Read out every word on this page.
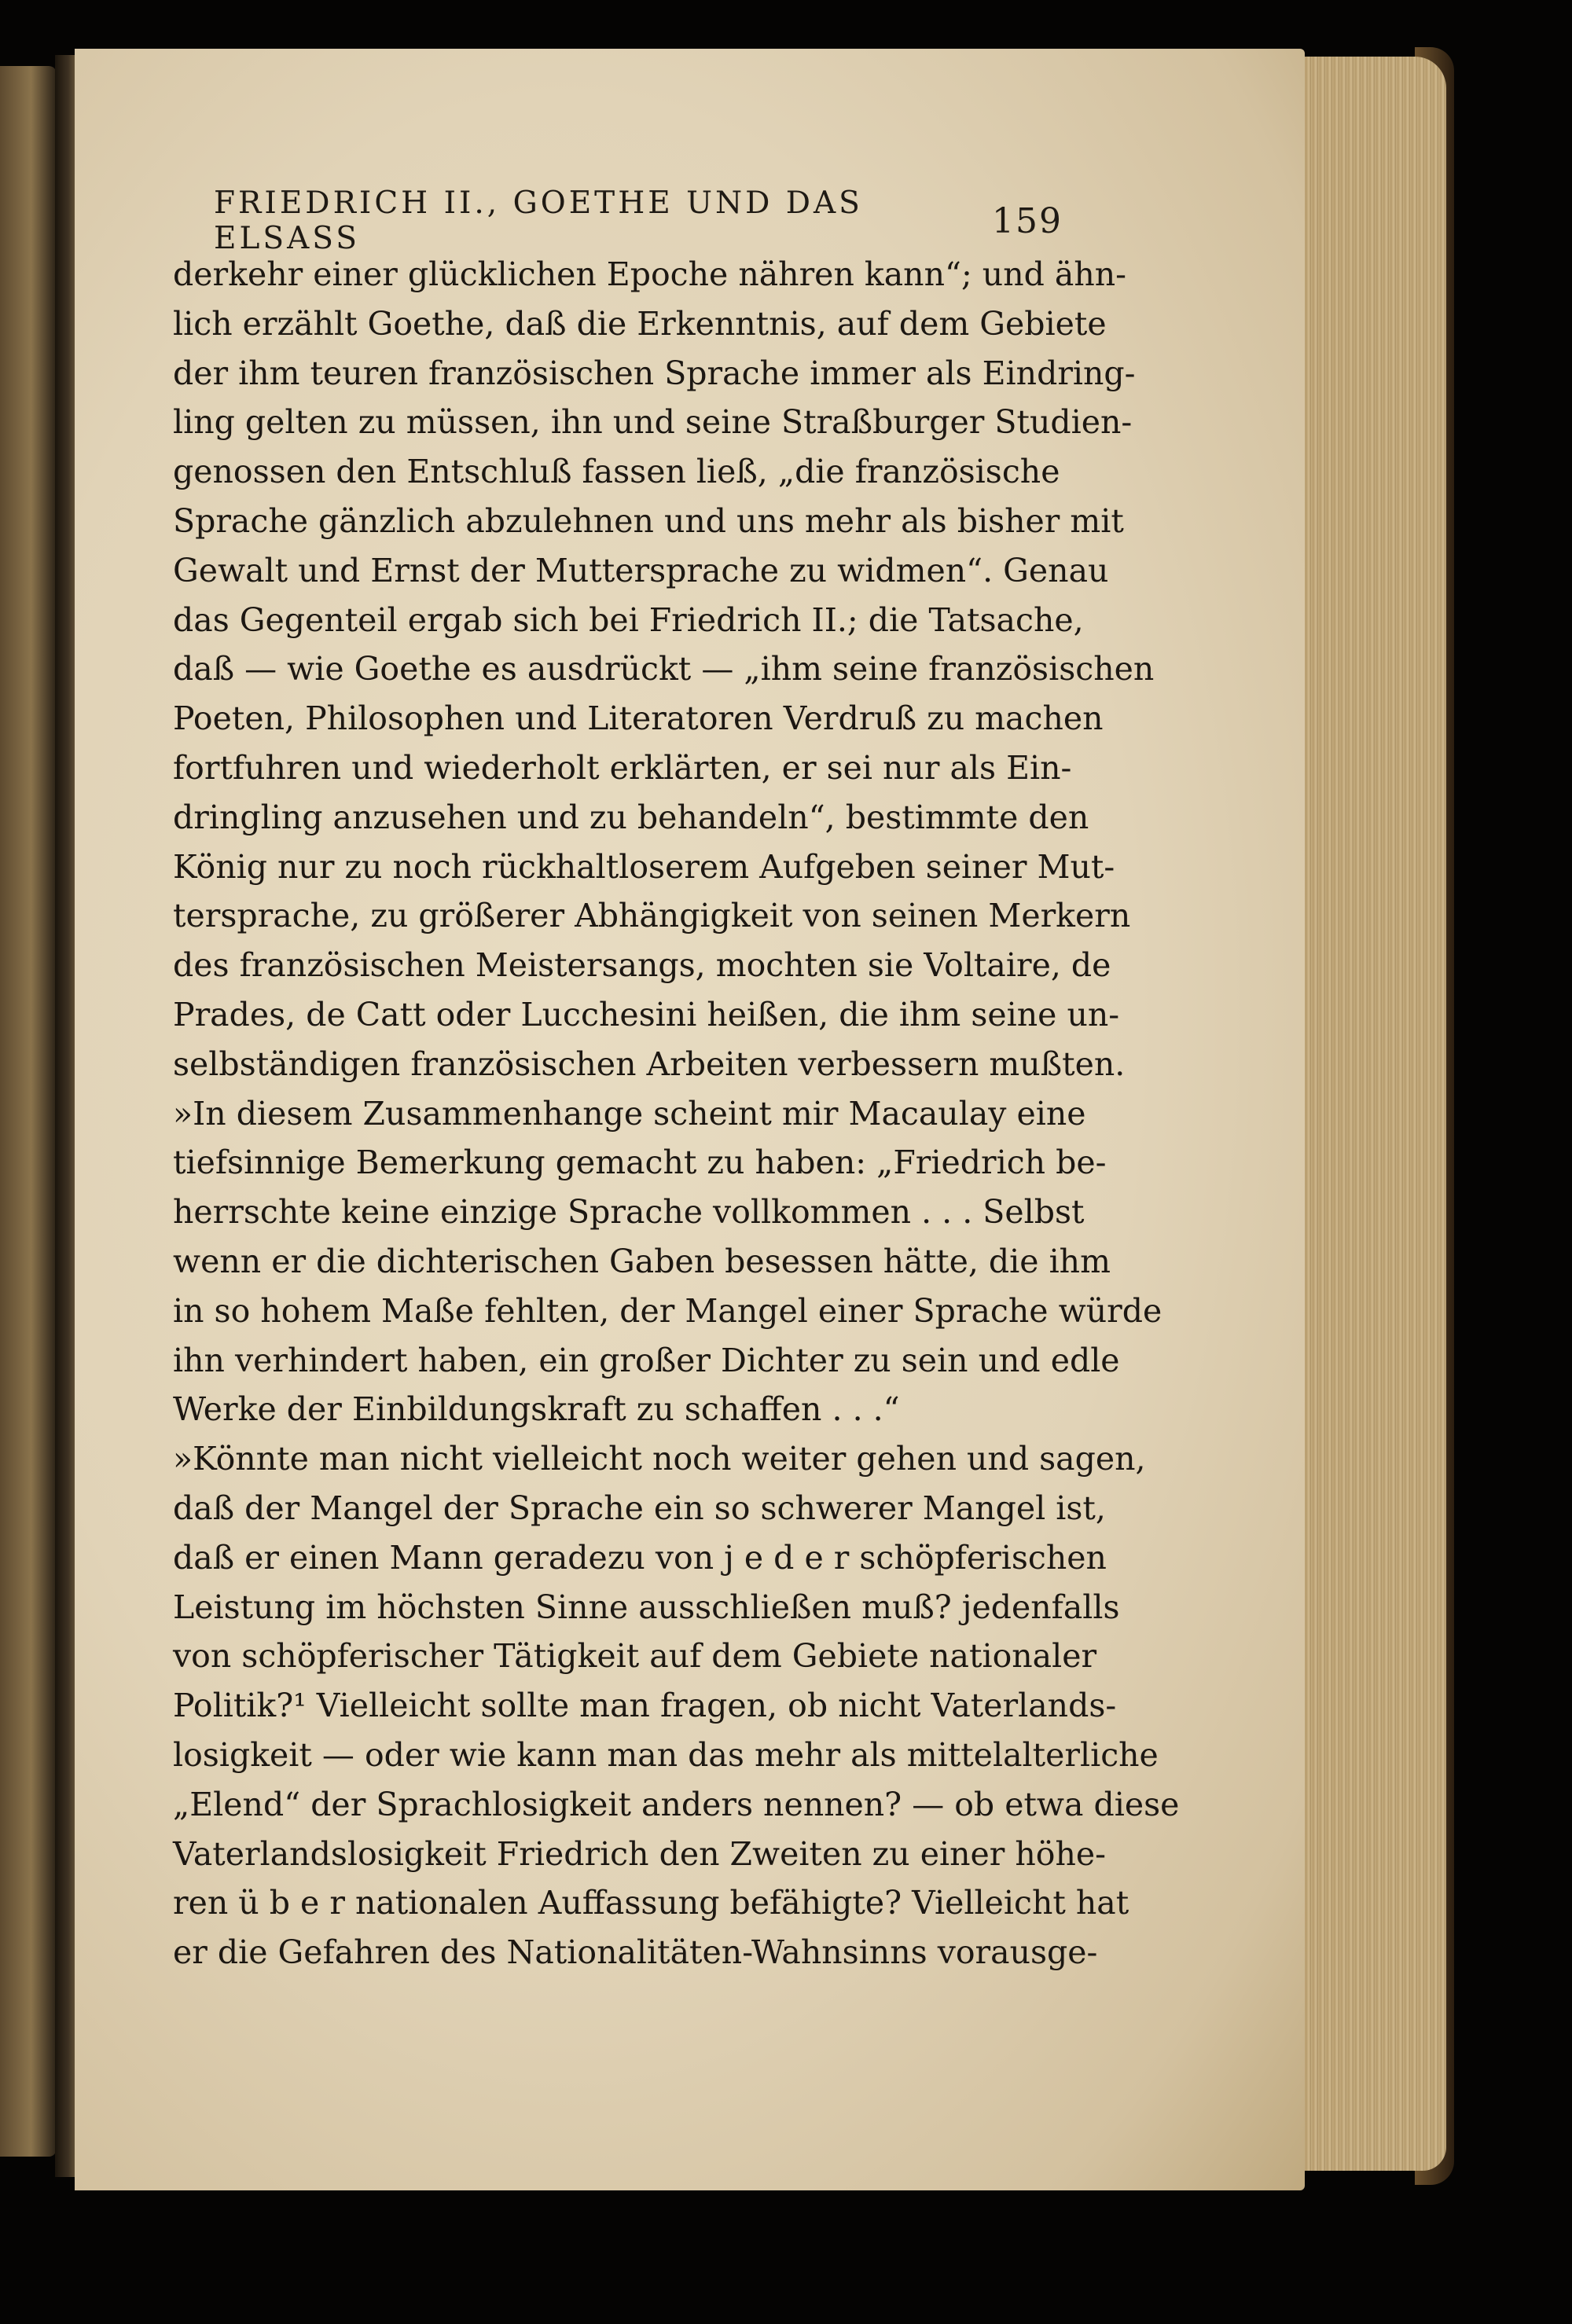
FRIEDRICH II., GOETHE UND DAS ELSASS	159
derkehr einer glücklichen Epoche nähren kann“; und ähn-
lich erzählt Goethe, daß die Erkenntnis, auf dem Gebiete
der ihm teuren französischen Sprache immer als Eindring-
ling gelten zu müssen, ihn und seine Straßburger Studien-
genossen den Entschluß fassen ließ, „die französische
Sprache gänzlich abzulehnen und uns mehr als bisher mit
Gewalt und Ernst der Muttersprache zu widmen“. Genau
das Gegenteil ergab sich bei Friedrich II.; die Tatsache,
daß — wie Goethe es ausdrückt — „ihm seine französischen
Poeten, Philosophen und Literatoren Verdruß zu machen
fortfuhren und wiederholt erklärten, er sei nur als Ein-
dringling anzusehen und zu behandeln“, bestimmte den
König nur zu noch rückhaltloserem Aufgeben seiner Mut-
tersprache, zu größerer Abhängigkeit von seinen Merkern
des französischen Meistersangs, mochten sie Voltaire, de
Prades, de Catt oder Lucchesini heißen, die ihm seine un-
selbständigen französischen Arbeiten verbessern mußten.
»In diesem Zusammenhange scheint mir Macaulay eine
tiefsinnige Bemerkung gemacht zu haben: „Friedrich be-
herrschte keine einzige Sprache vollkommen . . . Selbst
wenn er die dichterischen Gaben besessen hätte, die ihm
in so hohem Maße fehlten, der Mangel einer Sprache würde
ihn verhindert haben, ein großer Dichter zu sein und edle
Werke der Einbildungskraft zu schaffen . . .“
»Könnte man nicht vielleicht noch weiter gehen und sagen,
daß der Mangel der Sprache ein so schwerer Mangel ist,
daß er einen Mann geradezu von j e d e r schöpferischen
Leistung im höchsten Sinne ausschließen muß? jedenfalls
von schöpferischer Tätigkeit auf dem Gebiete nationaler
Politik?¹ Vielleicht sollte man fragen, ob nicht Vaterlands-
losigkeit — oder wie kann man das mehr als mittelalterliche
„Elend“ der Sprachlosigkeit anders nennen? — ob etwa diese
Vaterlandslosigkeit Friedrich den Zweiten zu einer höhe-
ren ü b e r nationalen Auffassung befähigte? Vielleicht hat
er die Gefahren des Nationalitäten-Wahnsinns vorausge-
